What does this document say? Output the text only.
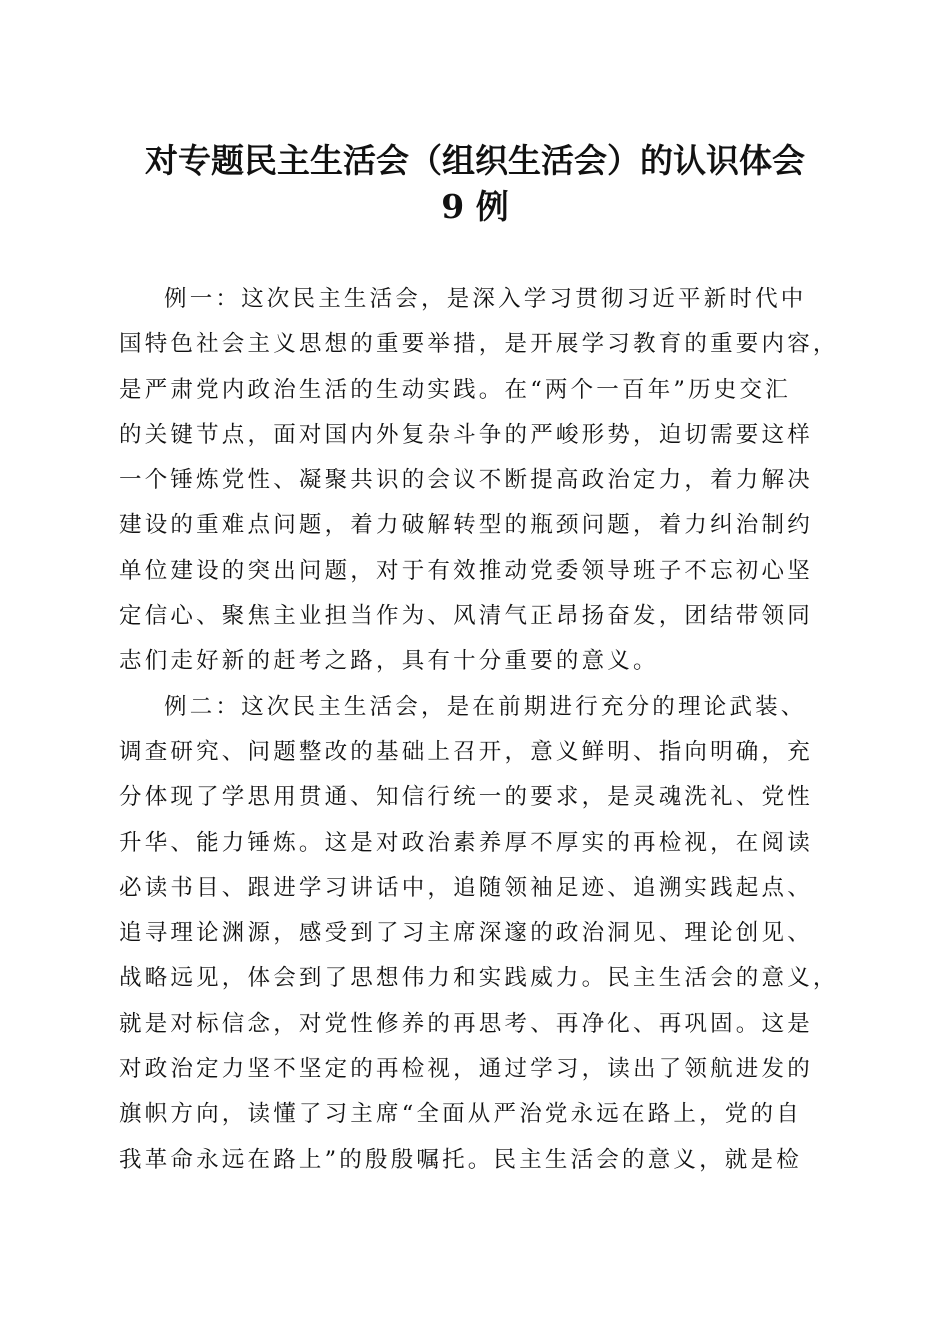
对专题民主生活会（组织生活会）的认识体会
9 例

例一：这次民主生活会，是深入学习贯彻习近平新时代中
国特色社会主义思想的重要举措，是开展学习教育的重要内容，
是严肃党内政治生活的生动实践。在“两个一百年”历史交汇
的关键节点，面对国内外复杂斗争的严峻形势，迫切需要这样
一个锤炼党性、凝聚共识的会议不断提高政治定力，着力解决
建设的重难点问题，着力破解转型的瓶颈问题，着力纠治制约
单位建设的突出问题，对于有效推动党委领导班子不忘初心坚
定信心、聚焦主业担当作为、风清气正昂扬奋发，团结带领同
志们走好新的赶考之路，具有十分重要的意义。

例二：这次民主生活会，是在前期进行充分的理论武装、
调查研究、问题整改的基础上召开，意义鲜明、指向明确，充
分体现了学思用贯通、知信行统一的要求，是灵魂洗礼、党性
升华、能力锤炼。这是对政治素养厚不厚实的再检视，在阅读
必读书目、跟进学习讲话中，追随领袖足迹、追溯实践起点、
追寻理论渊源，感受到了习主席深邃的政治洞见、理论创见、
战略远见，体会到了思想伟力和实践威力。民主生活会的意义，
就是对标信念，对党性修养的再思考、再净化、再巩固。这是
对政治定力坚不坚定的再检视，通过学习，读出了领航进发的
旗帜方向，读懂了习主席“全面从严治党永远在路上，党的自
我革命永远在路上”的殷殷嘱托。民主生活会的意义，就是检
